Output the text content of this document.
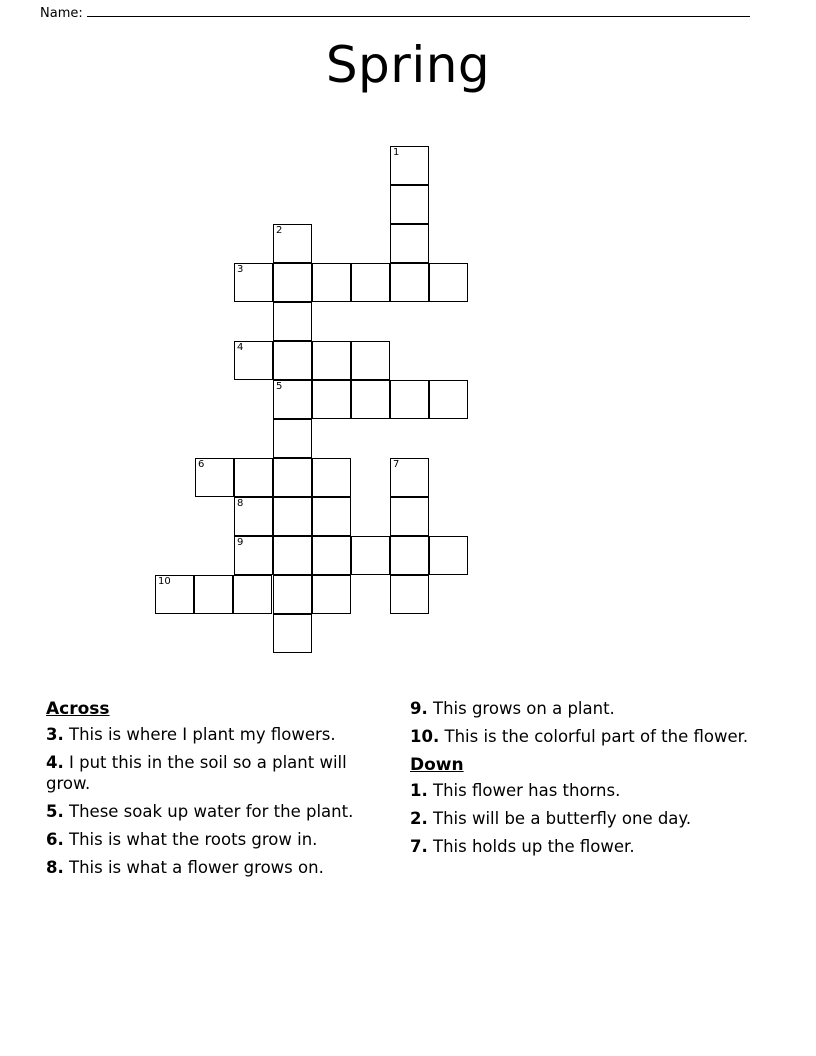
Name:
Spring
1
2
3
4
5
6	7
8
9
10
Across
3. This is where I plant my flowers.
4. I put this in the soil so a plant will grow.
5. These soak up water for the plant.
6. This is what the roots grow in.
8. This is what a flower grows on.
9. This grows on a plant.
10. This is the colorful part of the flower.
Down
1. This flower has thorns.
2. This will be a butterfly one day.
7. This holds up the flower.
